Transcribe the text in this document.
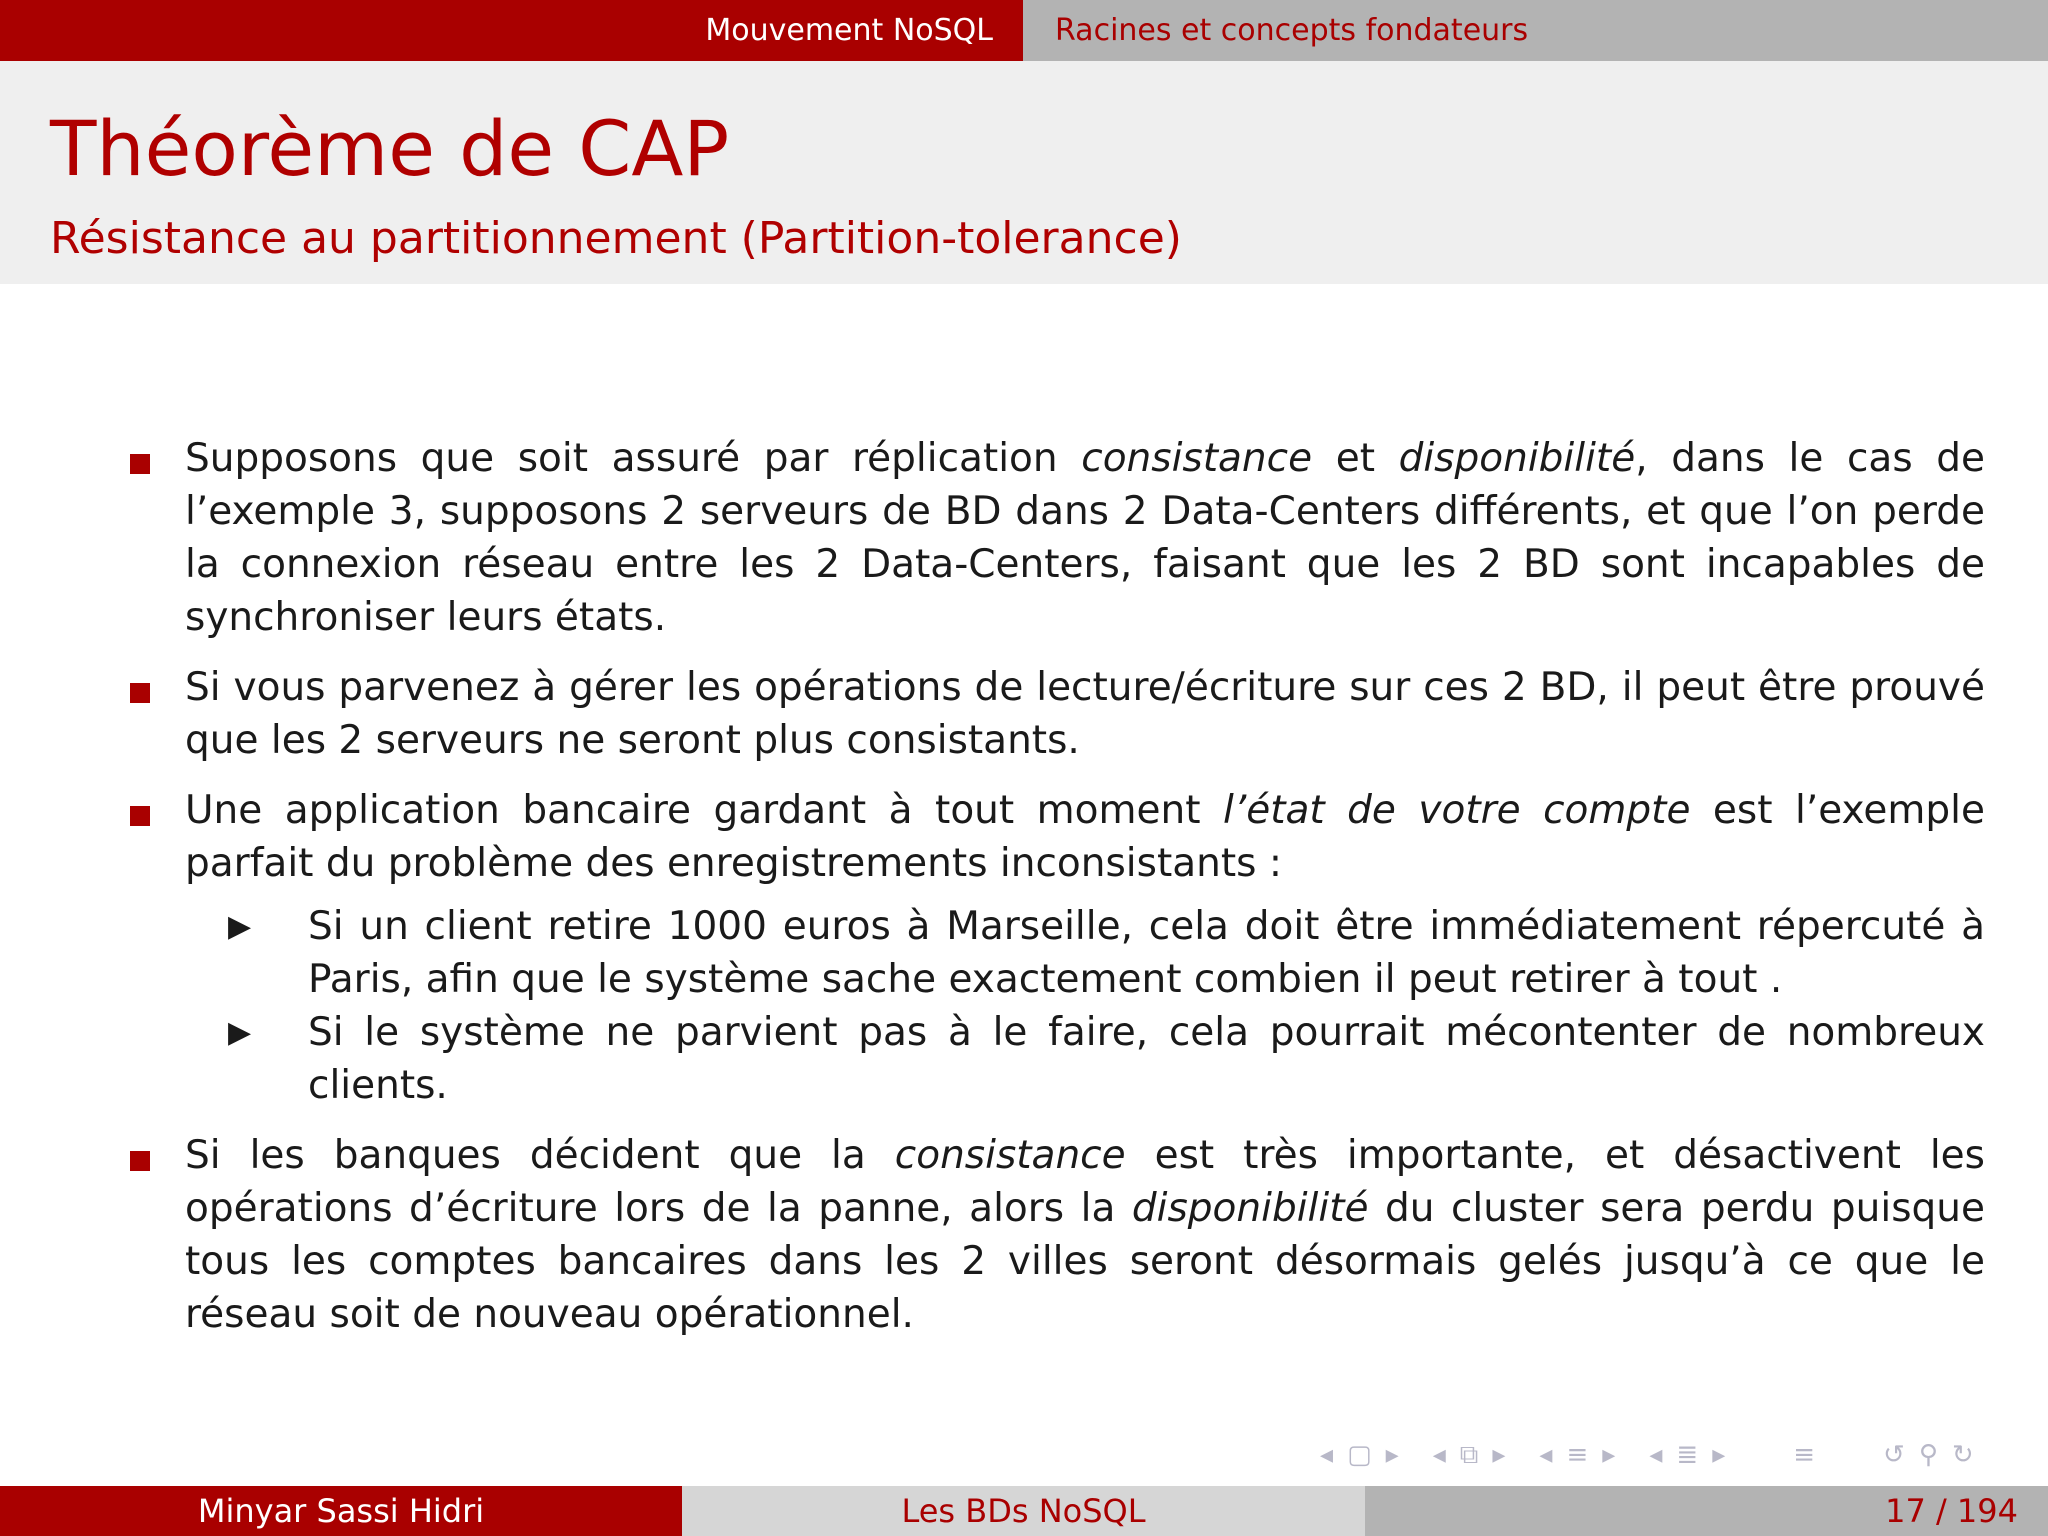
Mouvement NoSQL Racines et concepts fondateurs
Théorème de CAP
Résistance au partitionnement (Partition-tolerance)
Supposons que soit assuré par réplication consistance et disponibilité, dans le cas de l’exemple 3, supposons 2 serveurs de BD dans 2 Data-Centers différents, et que l’on perde la connexion réseau entre les 2 Data-Centers, faisant que les 2 BD sont incapables de synchroniser leurs états.
Si vous parvenez à gérer les opérations de lecture/écriture sur ces 2 BD, il peut être prouvé que les 2 serveurs ne seront plus consistants.
Une application bancaire gardant à tout moment l’état de votre compte est l’exemple parfait du problème des enregistrements inconsistants :
▶ Si un client retire 1000 euros à Marseille, cela doit être immédiatement répercuté à Paris, afin que le système sache exactement combien il peut retirer à tout .
▶ Si le système ne parvient pas à le faire, cela pourrait mécontenter de nombreux clients.
Si les banques décident que la consistance est très importante, et désactivent les opérations d’écriture lors de la panne, alors la disponibilité du cluster sera perdu puisque tous les comptes bancaires dans les 2 villes seront désormais gelés jusqu’à ce que le réseau soit de nouveau opérationnel.
◂ ▢ ▸ ◂ ⧉ ▸ ◂ ≡ ▸ ◂ ≣ ▸	≡	↺ ⚲ ↻
Minyar Sassi Hidri	Les BDs NoSQL	17 / 194
